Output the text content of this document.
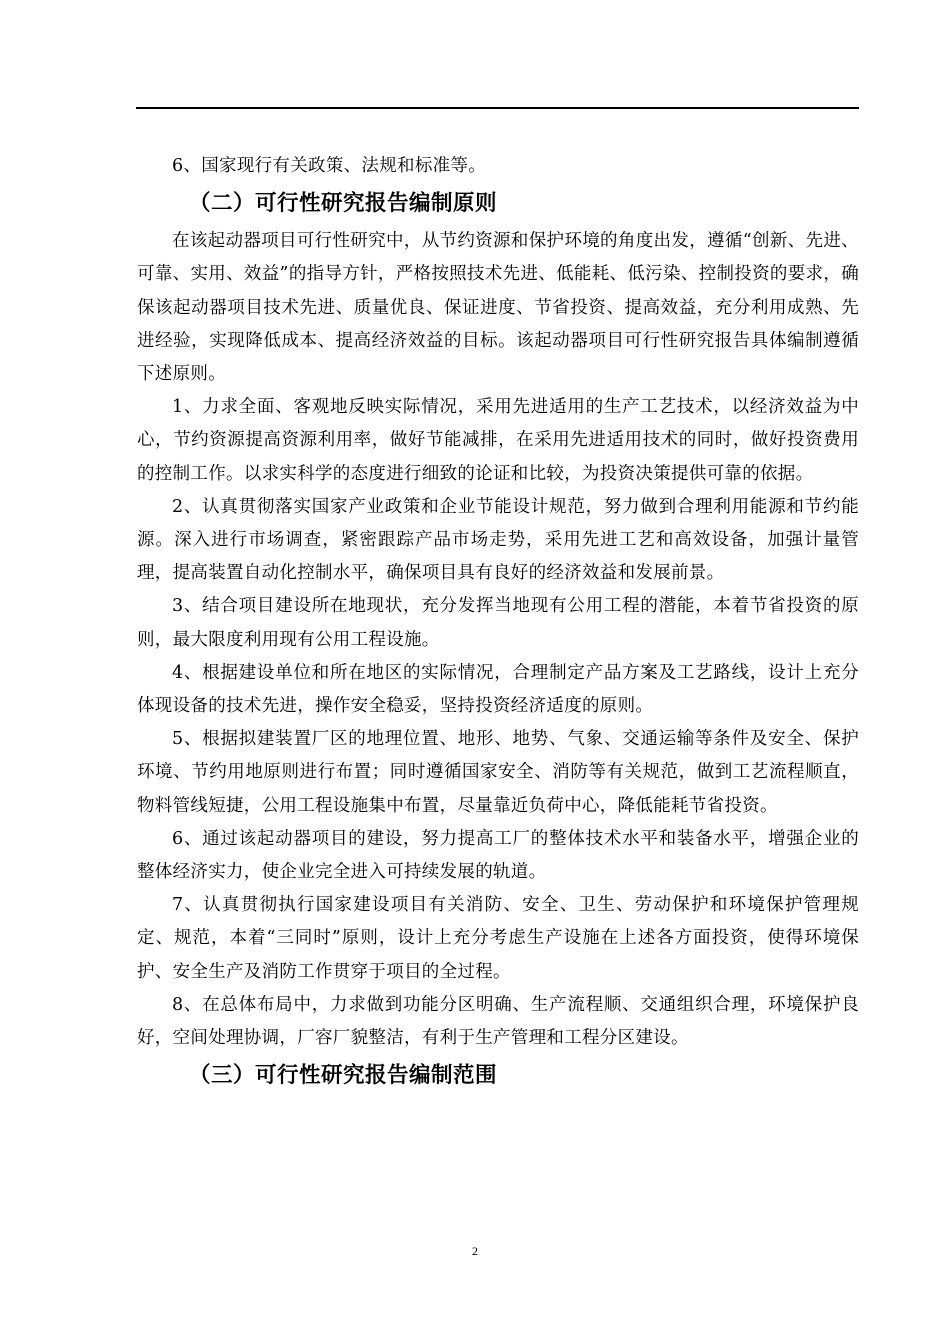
6、国家现行有关政策、法规和标准等。

（二）可行性研究报告编制原则

在该起动器项目可行性研究中，从节约资源和保护环境的角度出发，遵循“创新、先进、可靠、实用、效益”的指导方针，严格按照技术先进、低能耗、低污染、控制投资的要求，确保该起动器项目技术先进、质量优良、保证进度、节省投资、提高效益，充分利用成熟、先进经验，实现降低成本、提高经济效益的目标。该起动器项目可行性研究报告具体编制遵循下述原则。

1、力求全面、客观地反映实际情况，采用先进适用的生产工艺技术，以经济效益为中心，节约资源提高资源利用率，做好节能减排，在采用先进适用技术的同时，做好投资费用的控制工作。以求实科学的态度进行细致的论证和比较，为投资决策提供可靠的依据。

2、认真贯彻落实国家产业政策和企业节能设计规范，努力做到合理利用能源和节约能源。深入进行市场调查，紧密跟踪产品市场走势，采用先进工艺和高效设备，加强计量管理，提高装置自动化控制水平，确保项目具有良好的经济效益和发展前景。

3、结合项目建设所在地现状，充分发挥当地现有公用工程的潜能，本着节省投资的原则，最大限度利用现有公用工程设施。

4、根据建设单位和所在地区的实际情况，合理制定产品方案及工艺路线，设计上充分体现设备的技术先进，操作安全稳妥，坚持投资经济适度的原则。

5、根据拟建装置厂区的地理位置、地形、地势、气象、交通运输等条件及安全、保护环境、节约用地原则进行布置；同时遵循国家安全、消防等有关规范，做到工艺流程顺直，物料管线短捷，公用工程设施集中布置，尽量靠近负荷中心，降低能耗节省投资。

6、通过该起动器项目的建设，努力提高工厂的整体技术水平和装备水平，增强企业的整体经济实力，使企业完全进入可持续发展的轨道。

7、认真贯彻执行国家建设项目有关消防、安全、卫生、劳动保护和环境保护管理规定、规范，本着“三同时”原则，设计上充分考虑生产设施在上述各方面投资，使得环境保护、安全生产及消防工作贯穿于项目的全过程。

8、在总体布局中，力求做到功能分区明确、生产流程顺、交通组织合理，环境保护良好，空间处理协调，厂容厂貌整洁，有利于生产管理和工程分区建设。

（三）可行性研究报告编制范围
2
